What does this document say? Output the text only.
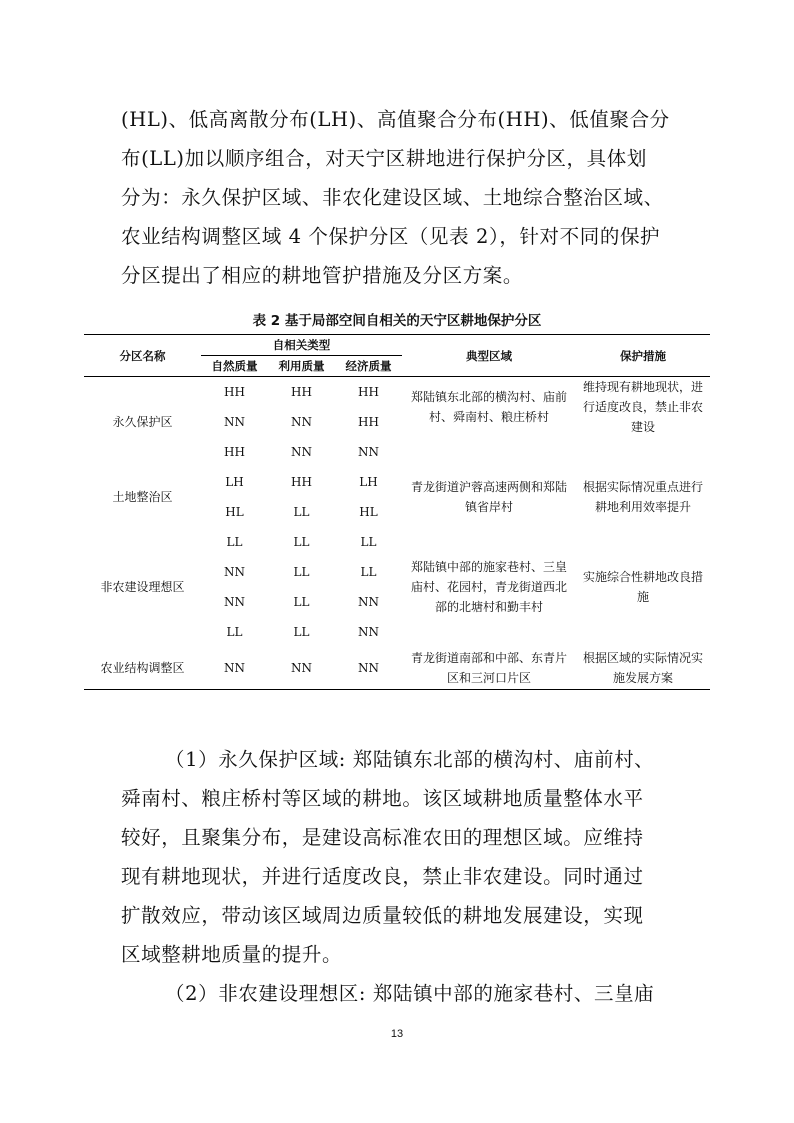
(HL)、低高离散分布(LH)、高值聚合分布(HH)、低值聚合分
布(LL)加以顺序组合，对天宁区耕地进行保护分区，具体划
分为：永久保护区域、非农化建设区域、土地综合整治区域、
农业结构调整区域 4 个保护分区（见表 2），针对不同的保护
分区提出了相应的耕地管护措施及分区方案。
表 2 基于局部空间自相关的天宁区耕地保护分区
分区名称	自相关类型			典型区域	保护措施
	自然质量	利用质量	经济质量		
永久保护区	HH	HH	HH	郑陆镇东北部的横沟村、庙前村、舜南村、粮庄桥村	维持现有耕地现状，进行适度改良，禁止非农建设
	NN	NN	HH		
	HH	NN	NN		
土地整治区	LH	HH	LH	青龙街道沪蓉高速两侧和郑陆镇省岸村	根据实际情况重点进行耕地利用效率提升
	HL	LL	HL		
非农建设理想区	LL	LL	LL	郑陆镇中部的施家巷村、三皇庙村、花园村，青龙街道西北部的北塘村和勤丰村	实施综合性耕地改良措施
	NN	LL	LL		
	NN	LL	NN		
	LL	LL	NN		
农业结构调整区	NN	NN	NN	青龙街道南部和中部、东青片区和三河口片区	根据区域的实际情况实施发展方案
（1）永久保护区域: 郑陆镇东北部的横沟村、庙前村、
舜南村、粮庄桥村等区域的耕地。该区域耕地质量整体水平
较好，且聚集分布，是建设高标准农田的理想区域。应维持
现有耕地现状，并进行适度改良，禁止非农建设。同时通过
扩散效应，带动该区域周边质量较低的耕地发展建设，实现
区域整耕地质量的提升。
（2）非农建设理想区: 郑陆镇中部的施家巷村、三皇庙
13
